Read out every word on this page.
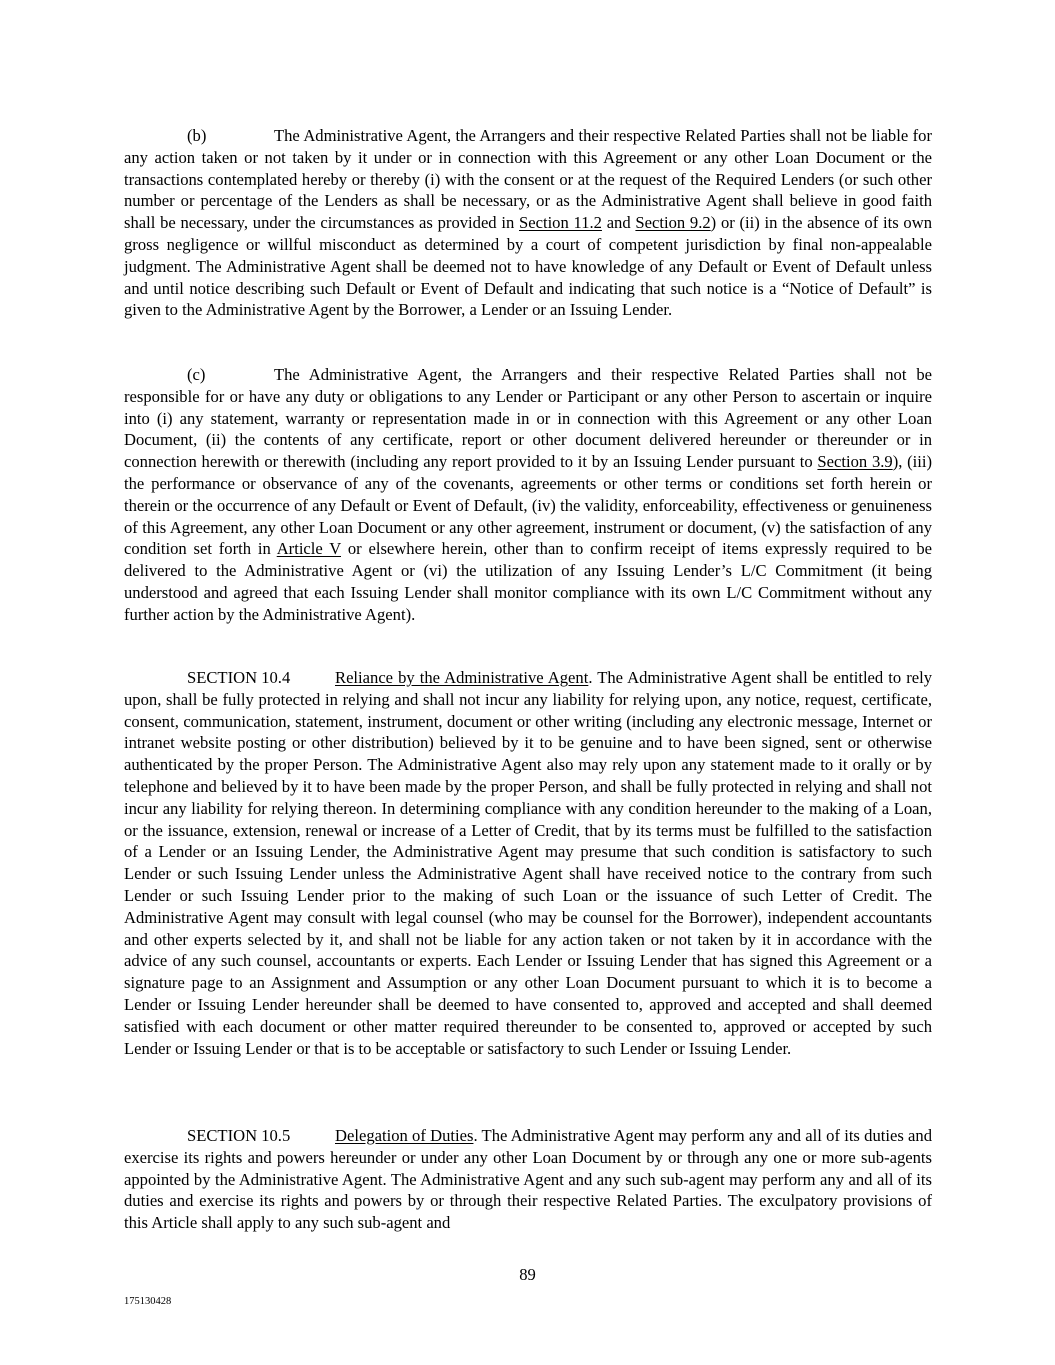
(b)	The Administrative Agent, the Arrangers and their respective Related Parties shall not be liable for any action taken or not taken by it under or in connection with this Agreement or any other Loan Document or the transactions contemplated hereby or thereby (i) with the consent or at the request of the Required Lenders (or such other number or percentage of the Lenders as shall be necessary, or as the Administrative Agent shall believe in good faith shall be necessary, under the circumstances as provided in Section 11.2 and Section 9.2) or (ii) in the absence of its own gross negligence or willful misconduct as determined by a court of competent jurisdiction by final non-appealable judgment. The Administrative Agent shall be deemed not to have knowledge of any Default or Event of Default unless and until notice describing such Default or Event of Default and indicating that such notice is a “Notice of Default” is given to the Administrative Agent by the Borrower, a Lender or an Issuing Lender.

(c)	The Administrative Agent, the Arrangers and their respective Related Parties shall not be responsible for or have any duty or obligations to any Lender or Participant or any other Person to ascertain or inquire into (i) any statement, warranty or representation made in or in connection with this Agreement or any other Loan Document, (ii) the contents of any certificate, report or other document delivered hereunder or thereunder or in connection herewith or therewith (including any report provided to it by an Issuing Lender pursuant to Section 3.9), (iii) the performance or observance of any of the covenants, agreements or other terms or conditions set forth herein or therein or the occurrence of any Default or Event of Default, (iv) the validity, enforceability, effectiveness or genuineness of this Agreement, any other Loan Document or any other agreement, instrument or document, (v) the satisfaction of any condition set forth in Article V or elsewhere herein, other than to confirm receipt of items expressly required to be delivered to the Administrative Agent or (vi) the utilization of any Issuing Lender’s L/C Commitment (it being understood and agreed that each Issuing Lender shall monitor compliance with its own L/C Commitment without any further action by the Administrative Agent).

SECTION 10.4	Reliance by the Administrative Agent. The Administrative Agent shall be entitled to rely upon, shall be fully protected in relying and shall not incur any liability for relying upon, any notice, request, certificate, consent, communication, statement, instrument, document or other writing (including any electronic message, Internet or intranet website posting or other distribution) believed by it to be genuine and to have been signed, sent or otherwise authenticated by the proper Person. The Administrative Agent also may rely upon any statement made to it orally or by telephone and believed by it to have been made by the proper Person, and shall be fully protected in relying and shall not incur any liability for relying thereon. In determining compliance with any condition hereunder to the making of a Loan, or the issuance, extension, renewal or increase of a Letter of Credit, that by its terms must be fulfilled to the satisfaction of a Lender or an Issuing Lender, the Administrative Agent may presume that such condition is satisfactory to such Lender or such Issuing Lender unless the Administrative Agent shall have received notice to the contrary from such Lender or such Issuing Lender prior to the making of such Loan or the issuance of such Letter of Credit. The Administrative Agent may consult with legal counsel (who may be counsel for the Borrower), independent accountants and other experts selected by it, and shall not be liable for any action taken or not taken by it in accordance with the advice of any such counsel, accountants or experts. Each Lender or Issuing Lender that has signed this Agreement or a signature page to an Assignment and Assumption or any other Loan Document pursuant to which it is to become a Lender or Issuing Lender hereunder shall be deemed to have consented to, approved and accepted and shall deemed satisfied with each document or other matter required thereunder to be consented to, approved or accepted by such Lender or Issuing Lender or that is to be acceptable or satisfactory to such Lender or Issuing Lender.

SECTION 10.5	Delegation of Duties. The Administrative Agent may perform any and all of its duties and exercise its rights and powers hereunder or under any other Loan Document by or through any one or more sub-agents appointed by the Administrative Agent. The Administrative Agent and any such sub-agent may perform any and all of its duties and exercise its rights and powers by or through their respective Related Parties. The exculpatory provisions of this Article shall apply to any such sub-agent and

89
175130428
